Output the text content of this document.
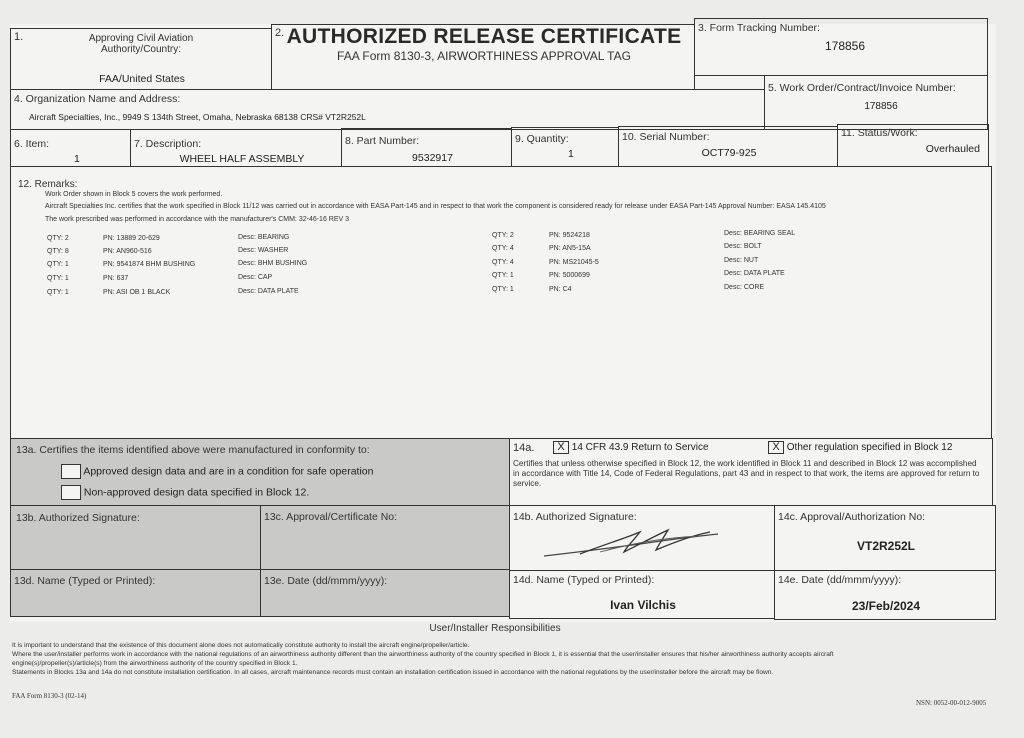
1.	Approving Civil Aviation Authority/Country:
FAA/United States
2. AUTHORIZED RELEASE CERTIFICATE
FAA Form 8130-3, AIRWORTHINESS APPROVAL TAG
3. Form Tracking Number:
178856
4. Organization Name and Address:
Aircraft Specialties, Inc., 9949 S 134th Street, Omaha, Nebraska 68138 CRS# VT2R252L
5. Work Order/Contract/Invoice Number:
178856
6. Item:
1
7. Description:
WHEEL HALF ASSEMBLY
8. Part Number:
9532917
9. Quantity:
1
10. Serial Number:
OCT79-925
11. Status/Work:
Overhauled
12. Remarks:
Work Order shown in Block 5 covers the work performed.
Aircraft Specialties Inc. certifies that the work specified in Block 11/12 was carried out in accordance with EASA Part-145 and in respect to that work the component is considered ready for release under EASA Part-145 Approval Number: EASA 145.4105
The work prescribed was performed in accordance with the manufacturer's CMM: 32-46-16 REV 3
QTY: 2	PN: 13889 20-629	Desc: BEARING
QTY: 8	PN: AN960-516	Desc: WASHER
QTY: 1	PN: 9541874 BHM BUSHING	Desc: BHM BUSHING
QTY: 1	PN: 637	Desc: CAP
QTY: 1	PN: ASI OB 1 BLACK	Desc: DATA PLATE
QTY: 2	PN: 9524218	Desc: BEARING SEAL
QTY: 4	PN: AN5-15A	Desc: BOLT
QTY: 4	PN: MS21045-5	Desc: NUT
QTY: 1	PN: 5000699	Desc: DATA PLATE
QTY: 1	PN: C4	Desc: CORE
13a. Certifies the items identified above were manufactured in conformity to:
Approved design data and are in a condition for safe operation
Non-approved design data specified in Block 12.
14a.	X 14 CFR 43.9 Return to Service	X Other regulation specified in Block 12
Certifies that unless otherwise specified in Block 12, the work identified in Block 11 and described in Block 12 was accomplished in accordance with Title 14, Code of Federal Regulations, part 43 and in respect to that work, the items are approved for return to service.
13b. Authorized Signature:	13c. Approval/Certificate No:	14b. Authorized Signature:	14c. Approval/Authorization No:
VT2R252L
13d. Name (Typed or Printed):	13e. Date (dd/mmm/yyyy):	14d. Name (Typed or Printed):
Ivan Vilchis
14e. Date (dd/mmm/yyyy):
23/Feb/2024
User/Installer Responsibilities
It is important to understand that the existence of this document alone does not automatically constitute authority to install the aircraft engine/propeller/article.
Where the user/installer performs work in accordance with the national regulations of an airworthiness authority different than the airworthiness authority of the country specified in Block 1, it is essential that the user/installer ensures that his/her airworthiness authority accepts aircraft
engine(s)/propeller(s)/article(s) from the airworthiness authority of the country specified in Block 1.
Statements in Blocks 13a and 14a do not constitute installation certification. In all cases, aircraft maintenance records must contain an installation certification issued in accordance with the national regulations by the user/installer before the aircraft may be flown.
FAA Form 8130-3 (02-14)
NSN: 0052-00-012-9005
